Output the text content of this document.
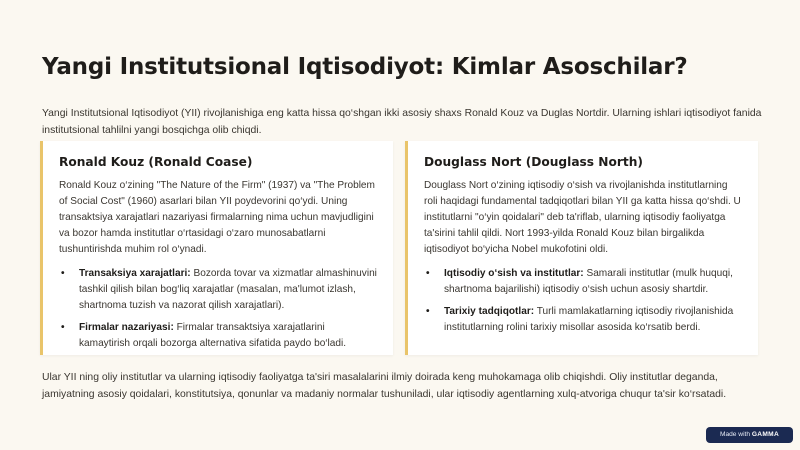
Yangi Institutsional Iqtisodiyot: Kimlar Asoschilar?

Yangi Institutsional Iqtisodiyot (YII) rivojlanishiga eng katta hissa qo‘shgan ikki asosiy shaxs Ronald Kouz va Duglas Nortdir. Ularning ishlari iqtisodiyot fanida institutsional tahlilni yangi bosqichga olib chiqdi.

Ronald Kouz (Ronald Coase)

Ronald Kouz o‘zining "The Nature of the Firm" (1937) va "The Problem of Social Cost" (1960) asarlari bilan YII poydevorini qo‘ydi. Uning transaktsiya xarajatlari nazariyasi firmalarning nima uchun mavjudligini va bozor hamda institutlar o‘rtasidagi o‘zaro munosabatlarni tushuntirishda muhim rol o‘ynadi.

• Transaksiya xarajatlari: Bozorda tovar va xizmatlar almashinuvini tashkil qilish bilan bog‘liq xarajatlar (masalan, ma'lumot izlash, shartnoma tuzish va nazorat qilish xarajatlari).
• Firmalar nazariyasi: Firmalar transaktsiya xarajatlarini kamaytirish orqali bozorga alternativa sifatida paydo bo‘ladi.
Douglass Nort (Douglass North)

Douglass Nort o‘zining iqtisodiy o‘sish va rivojlanishda institutlarning roli haqidagi fundamental tadqiqotlari bilan YII ga katta hissa qo‘shdi. U institutlarni "o‘yin qoidalari" deb ta'riflab, ularning iqtisodiy faoliyatga ta'sirini tahlil qildi. Nort 1993-yilda Ronald Kouz bilan birgalikda iqtisodiyot bo‘yicha Nobel mukofotini oldi.

• Iqtisodiy o‘sish va institutlar: Samarali institutlar (mulk huquqi, shartnoma bajarilishi) iqtisodiy o‘sish uchun asosiy shartdir.
• Tarixiy tadqiqotlar: Turli mamlakatlarning iqtisodiy rivojlanishida institutlarning rolini tarixiy misollar asosida ko‘rsatib berdi.

Ular YII ning oliy institutlar va ularning iqtisodiy faoliyatga ta'siri masalalarini ilmiy doirada keng muhokamaga olib chiqishdi. Oliy institutlar deganda, jamiyatning asosiy qoidalari, konstitutsiya, qonunlar va madaniy normalar tushuniladi, ular iqtisodiy agentlarning xulq-atvoriga chuqur ta'sir ko‘rsatadi.

Made with GAMMA
